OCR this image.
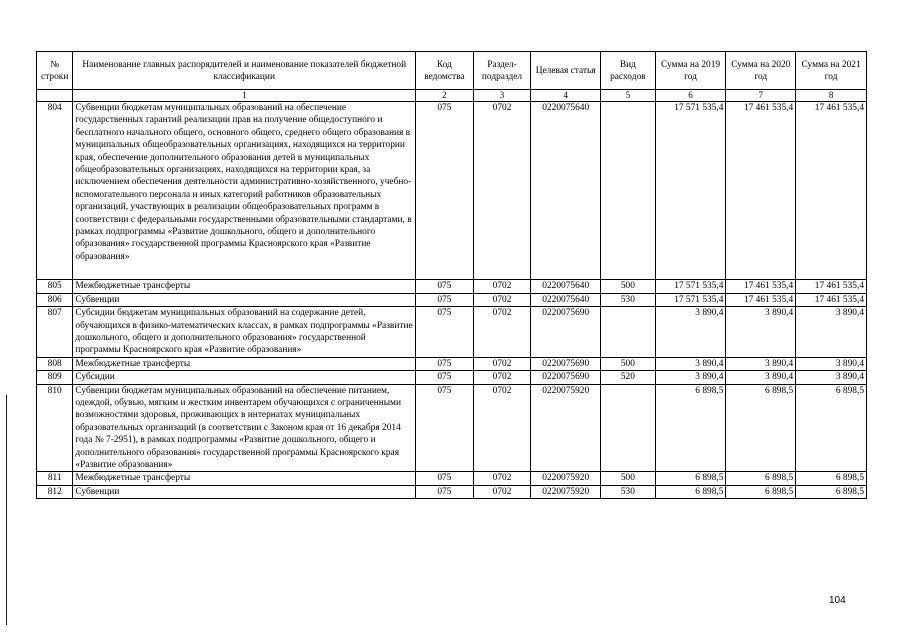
№ строки	Наименование главных распорядителей и наименование показателей бюджетной классификации	Код ведомства	Раздел-подраздел	Целевая статья	Вид расходов	Сумма на 2019 год	Сумма на 2020 год	Сумма на 2021 год
	1	2	3	4	5	6	7	8
804	Субвенции бюджетам муниципальных образований на обеспечение государственных гарантий реализации прав на получение общедоступного и бесплатного начального общего, основного общего, среднего общего образования в муниципальных общеобразовательных организациях, находящихся на территории края, обеспечение дополнительного образования детей в муниципальных общеобразовательных организациях, находящихся на территории края, за исключением обеспечения деятельности административно-хозяйственного, учебно-вспомогательного персонала и иных категорий работников образовательных организаций, участвующих в реализации общеобразовательных программ в соответствии с федеральными государственными образовательными стандартами, в рамках подпрограммы «Развитие дошкольного, общего и дополнительного образования» государственной программы Красноярского края «Развитие образования»	075	0702	0220075640		17 571 535,4	17 461 535,4	17 461 535,4
805	Межбюджетные трансферты	075	0702	0220075640	500	17 571 535,4	17 461 535,4	17 461 535,4
806	Субвенции	075	0702	0220075640	530	17 571 535,4	17 461 535,4	17 461 535,4
807	Субсидии бюджетам муниципальных образований на содержание детей, обучающихся в физико-математических классах, в рамках подпрограммы «Развитие дошкольного, общего и дополнительного образования» государственной программы Красноярского края «Развитие образования»	075	0702	0220075690		3 890,4	3 890,4	3 890,4
808	Межбюджетные трансферты	075	0702	0220075690	500	3 890,4	3 890,4	3 890,4
809	Субсидии	075	0702	0220075690	520	3 890,4	3 890,4	3 890,4
810	Субвенции бюджетам муниципальных образований на обеспечение питанием, одеждой, обувью, мягким и жестким инвентарем обучающихся с ограниченными возможностями здоровья, проживающих в интернатах муниципальных образовательных организаций (в соответствии с Законом края от 16 декабря 2014 года № 7-2951), в рамках подпрограммы «Развитие дошкольного, общего и дополнительного образования» государственной программы Красноярского края «Развитие образования»	075	0702	0220075920		6 898,5	6 898,5	6 898,5
811	Межбюджетные трансферты	075	0702	0220075920	500	6 898,5	6 898,5	6 898,5
812	Субвенции	075	0702	0220075920	530	6 898,5	6 898,5	6 898,5
104
